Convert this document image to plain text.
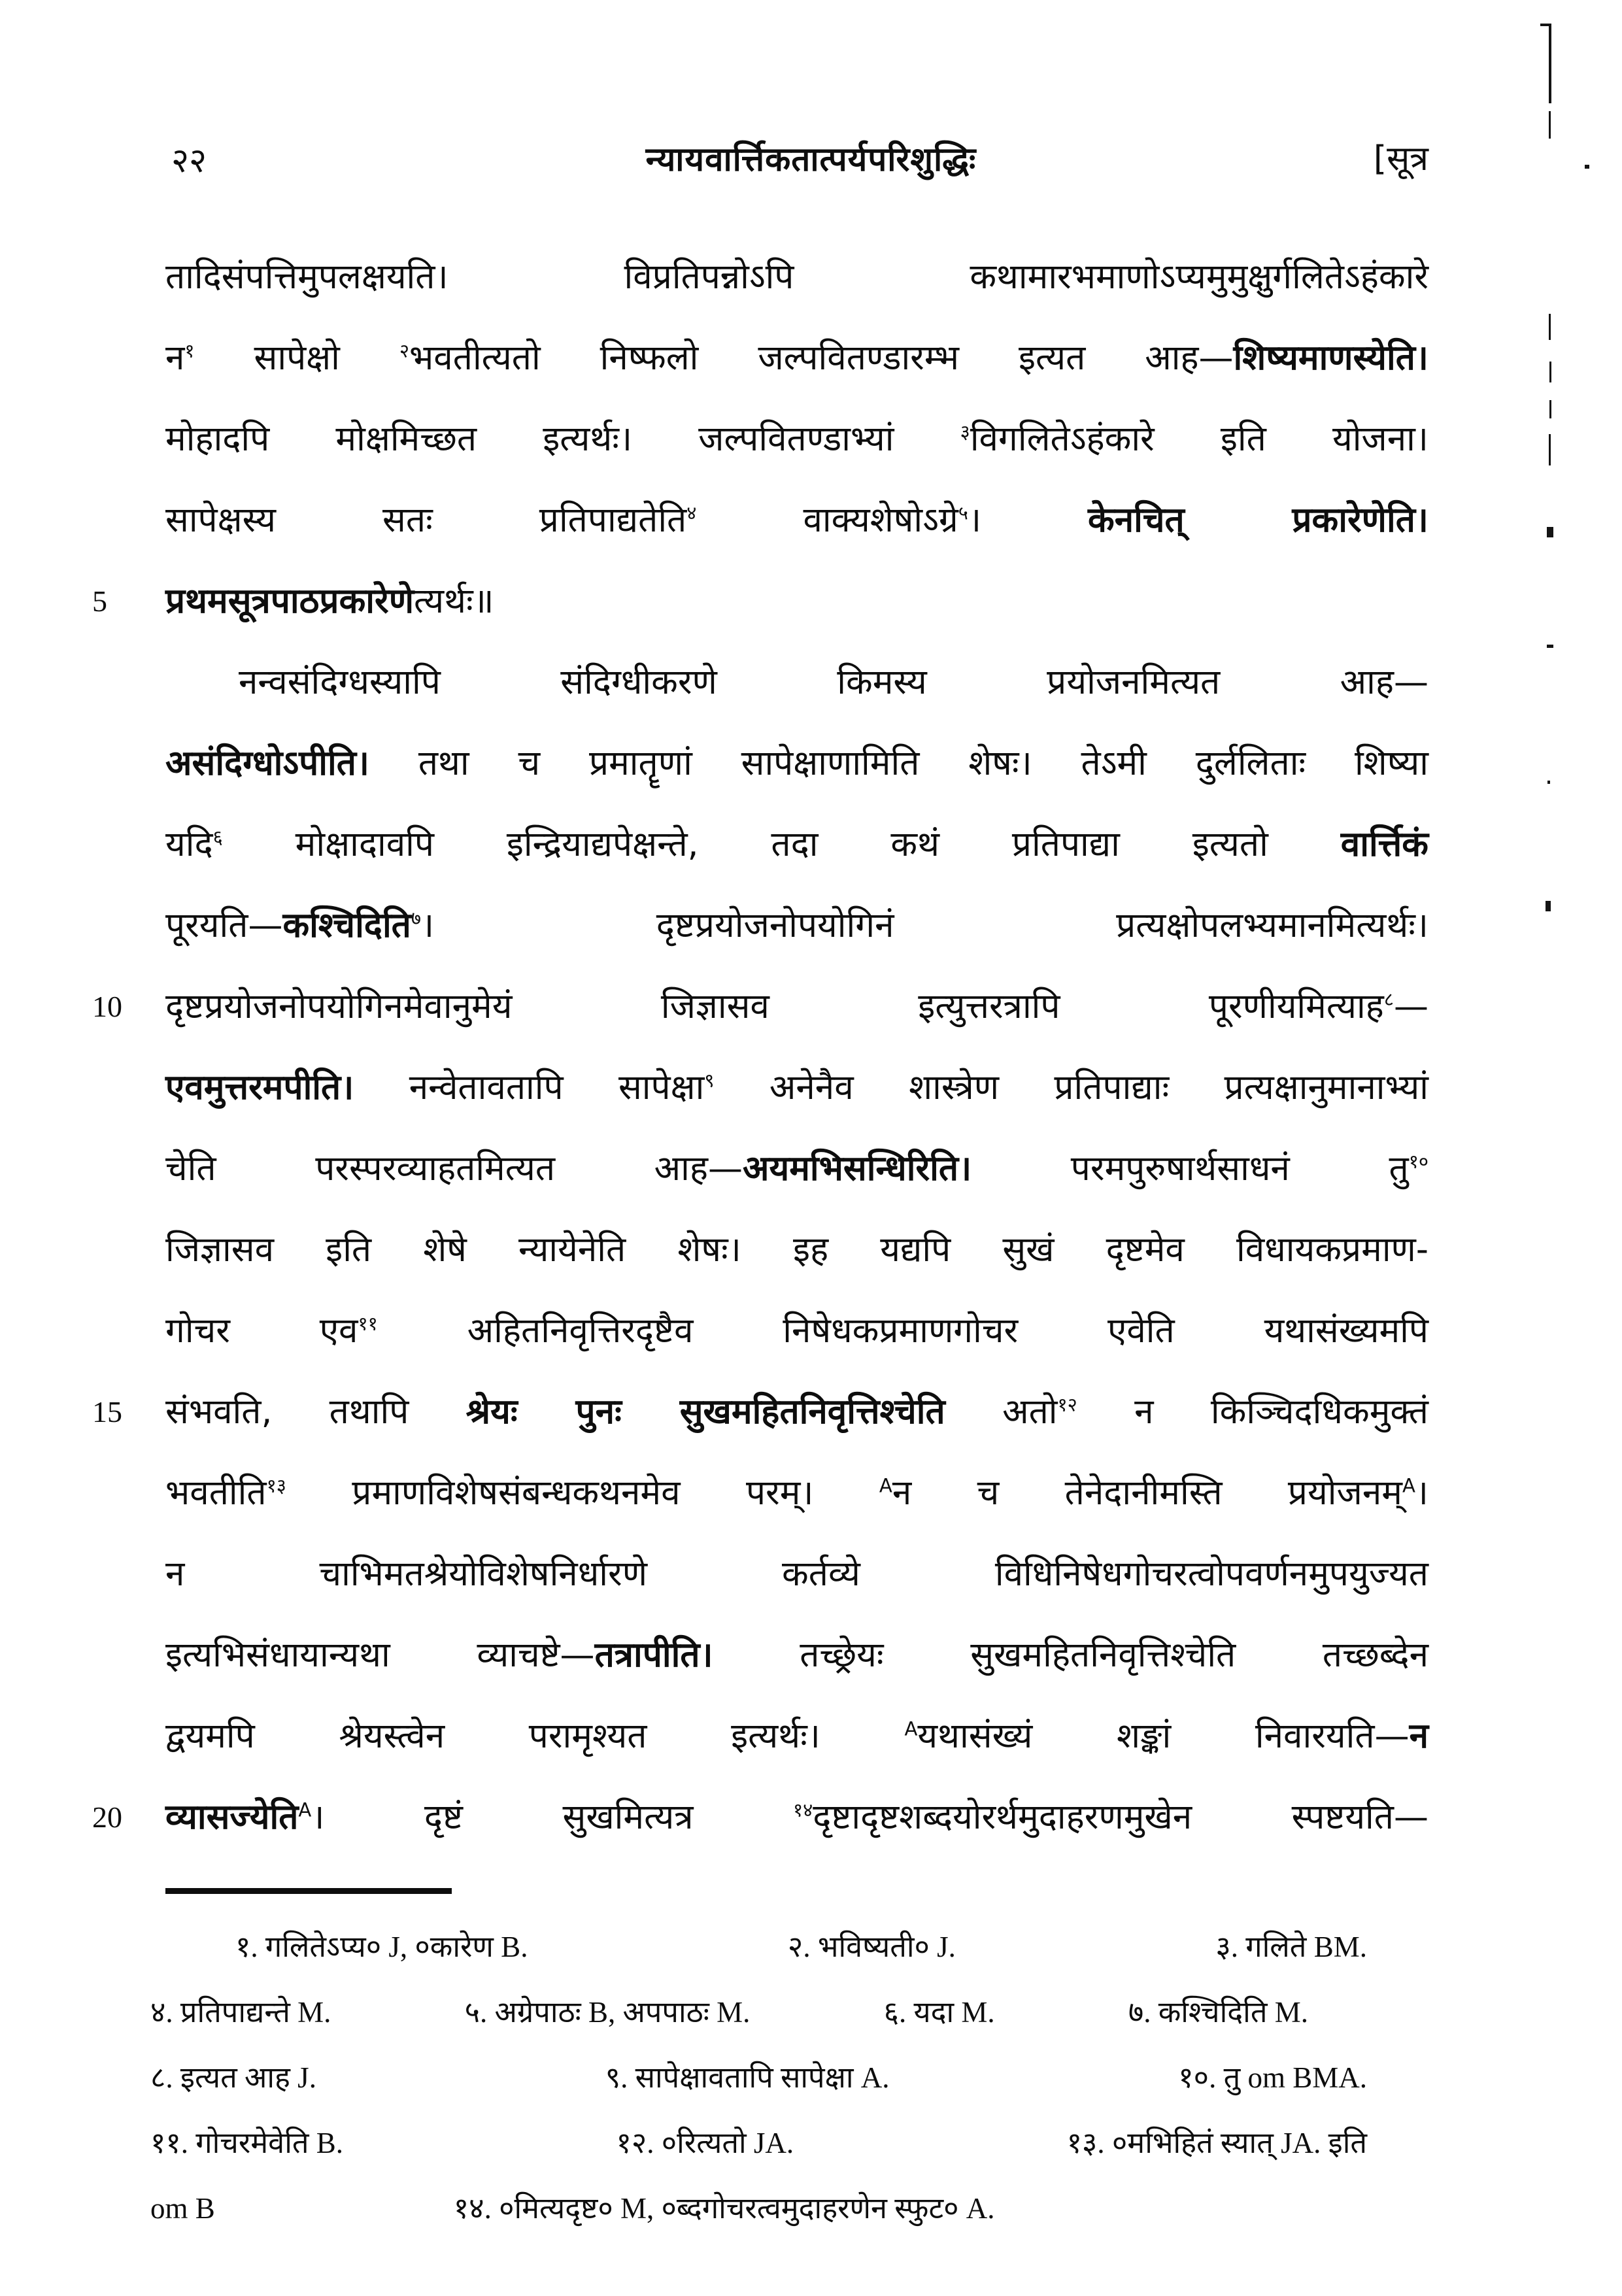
२२	न्यायवार्त्तिकतात्पर्यपरिशुद्धिः	[सूत्र
तादिसंपत्तिमुपलक्षयति। विप्रतिपन्नोऽपि कथामारभमाणोऽप्यमुमुक्षुर्गलितेऽहंकारे
न$^१$ सापेक्षो $^२$भवतीत्यतो निष्फलो जल्पवितण्डारम्भ इत्यत आह—शिष्यमाणस्येति।
मोहादपि मोक्षमिच्छत इत्यर्थः। जल्पवितण्डाभ्यां $^३$विगलितेऽहंकारे इति योजना।
सापेक्षस्य सतः प्रतिपाद्यतेति$^४$ वाक्यशेषोऽग्रे$^५$। केनचित् प्रकारेणेति।
5 प्रथमसूत्रपाठप्रकारेणेत्यर्थः॥
नन्वसंदिग्धस्यापि संदिग्धीकरणे किमस्य प्रयोजनमित्यत आह—
असंदिग्धोऽपीति। तथा च प्रमातॄणां सापेक्षाणामिति शेषः। तेऽमी दुर्ललिताः शिष्या
यदि$^६$ मोक्षादावपि इन्द्रियाद्यपेक्षन्ते, तदा कथं प्रतिपाद्या इत्यतो वार्त्तिकं
पूरयति—कश्चिदिति$^७$। दृष्टप्रयोजनोपयोगिनं प्रत्यक्षोपलभ्यमानमित्यर्थः।
10 दृष्टप्रयोजनोपयोगिनमेवानुमेयं जिज्ञासव इत्युत्तरत्रापि पूरणीयमित्याह$^८$—
एवमुत्तरमपीति। नन्वेतावतापि सापेक्षा$^९$ अनेनैव शास्त्रेण प्रतिपाद्याः प्रत्यक्षानुमानाभ्यां
चेति परस्परव्याहतमित्यत आह—अयमभिसन्धिरिति। परमपुरुषार्थसाधनं तु$^{१०}$
जिज्ञासव इति शेषे न्यायेनेति शेषः। इह यद्यपि सुखं दृष्टमेव विधायकप्रमाण-
गोचर एव$^{११}$ अहितनिवृत्तिरदृष्टैव निषेधकप्रमाणगोचर एवेति यथासंख्यमपि
15 संभवति, तथापि श्रेयः पुनः सुखमहितनिवृत्तिश्चेति अतो$^{१२}$ न किञ्चिदधिकमुक्तं
भवतीति$^{१३}$ प्रमाणविशेषसंबन्धकथनमेव परम्। $^A$न च तेनेदानीमस्ति प्रयोजनम्$^A$।
न चाभिमतश्रेयोविशेषनिर्धारणे कर्तव्ये विधिनिषेधगोचरत्वोपवर्णनमुपयुज्यत
इत्यभिसंधायान्यथा व्याचष्टे—तत्रापीति। तच्छ्रेयः सुखमहितनिवृत्तिश्चेति तच्छब्देन
द्वयमपि श्रेयस्त्वेन परामृश्यत इत्यर्थः। $^A$यथासंख्यं शङ्कां निवारयति—न
20 व्यासज्येति$^A$। दृष्टं सुखमित्यत्र $^{१४}$दृष्टादृष्टशब्दयोरर्थमुदाहरणमुखेन स्पष्टयति—
१. गलितेऽप्य० J, ०कारेण B.	२. भविष्यती० J.	३. गलिते BM.
४. प्रतिपाद्यन्ते M.	५. अग्रेपाठः B, अपपाठः M.	६. यदा M.	७. कश्चिदिति M.
८. इत्यत आह J.	९. सापेक्षावतापि सापेक्षा A.	१०. तु om BMA.
११. गोचरमेवेति B.	१२. ०रित्यतो JA.	१३. ०मभिहितं स्यात् JA. इति
om B	१४. ०मित्यदृष्ट० M, ०ब्दगोचरत्वमुदाहरणेन स्फुट० A.
